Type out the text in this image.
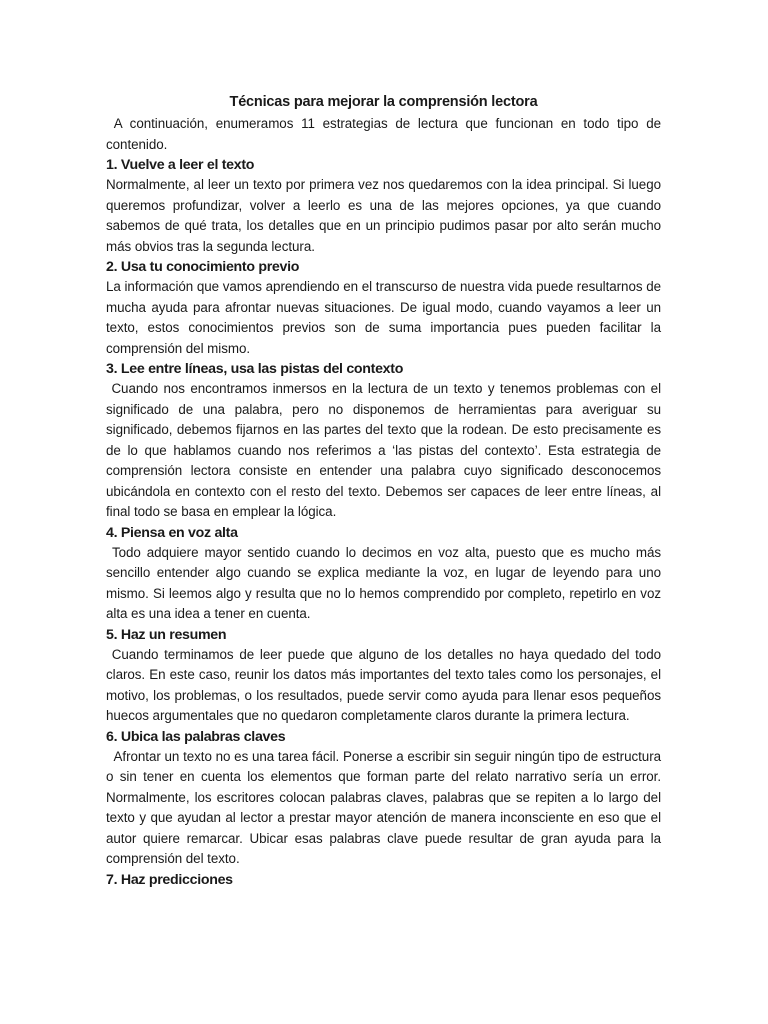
Técnicas para mejorar la comprensión lectora

A continuación, enumeramos 11 estrategias de lectura que funcionan en todo tipo de contenido.

1. Vuelve a leer el texto

Normalmente, al leer un texto por primera vez nos quedaremos con la idea principal. Si luego queremos profundizar, volver a leerlo es una de las mejores opciones, ya que cuando sabemos de qué trata, los detalles que en un principio pudimos pasar por alto serán mucho más obvios tras la segunda lectura.

2. Usa tu conocimiento previo

La información que vamos aprendiendo en el transcurso de nuestra vida puede resultarnos de mucha ayuda para afrontar nuevas situaciones. De igual modo, cuando vayamos a leer un texto, estos conocimientos previos son de suma importancia pues pueden facilitar la comprensión del mismo.

3. Lee entre líneas, usa las pistas del contexto

Cuando nos encontramos inmersos en la lectura de un texto y tenemos problemas con el significado de una palabra, pero no disponemos de herramientas para averiguar su significado, debemos fijarnos en las partes del texto que la rodean. De esto precisamente es de lo que hablamos cuando nos referimos a ‘las pistas del contexto’. Esta estrategia de comprensión lectora consiste en entender una palabra cuyo significado desconocemos ubicándola en contexto con el resto del texto. Debemos ser capaces de leer entre líneas, al final todo se basa en emplear la lógica.

4. Piensa en voz alta

Todo adquiere mayor sentido cuando lo decimos en voz alta, puesto que es mucho más sencillo entender algo cuando se explica mediante la voz, en lugar de leyendo para uno mismo. Si leemos algo y resulta que no lo hemos comprendido por completo, repetirlo en voz alta es una idea a tener en cuenta.

5. Haz un resumen

Cuando terminamos de leer puede que alguno de los detalles no haya quedado del todo claros. En este caso, reunir los datos más importantes del texto tales como los personajes, el motivo, los problemas, o los resultados, puede servir como ayuda para llenar esos pequeños huecos argumentales que no quedaron completamente claros durante la primera lectura.

6. Ubica las palabras claves

Afrontar un texto no es una tarea fácil. Ponerse a escribir sin seguir ningún tipo de estructura o sin tener en cuenta los elementos que forman parte del relato narrativo sería un error. Normalmente, los escritores colocan palabras claves, palabras que se repiten a lo largo del texto y que ayudan al lector a prestar mayor atención de manera inconsciente en eso que el autor quiere remarcar. Ubicar esas palabras clave puede resultar de gran ayuda para la comprensión del texto.

7. Haz predicciones
